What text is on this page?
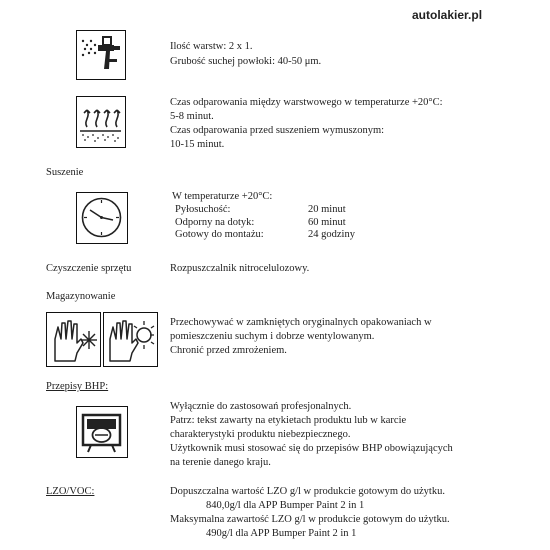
autolakier.pl
Ilość warstw: 2 x 1.
Grubość suchej powłoki: 40-50 μm.
Czas odparowania między warstwowego w temperaturze +20°C:
5-8 minut.
Czas odparowania przed suszeniem wymuszonym:
10-15 minut.
Suszenie
W temperaturze +20°C:
Pyłosuchość:	20 minut
Odporny na dotyk:	60 minut
Gotowy do montażu:	24 godziny
Czyszczenie sprzętu	Rozpuszczalnik nitrocelulozowy.
Magazynowanie
Przechowywać w zamkniętych oryginalnych opakowaniach w
pomieszczeniu suchym i dobrze wentylowanym.
Chronić przed zmrożeniem.
Przepisy BHP:
Wyłącznie do zastosowań profesjonalnych.
Patrz: tekst zawarty na etykietach produktu lub w karcie
charakterystyki produktu niebezpiecznego.
Użytkownik musi stosować się do przepisów BHP obowiązujących
na terenie danego kraju.
LZO/VOC:	Dopuszczalna wartość LZO g/l w produkcie gotowym do użytku.
840,0g/l dla APP Bumper Paint 2 in 1
Maksymalna zawartość LZO g/l w produkcie gotowym do użytku.
490g/l dla APP Bumper Paint 2 in 1
